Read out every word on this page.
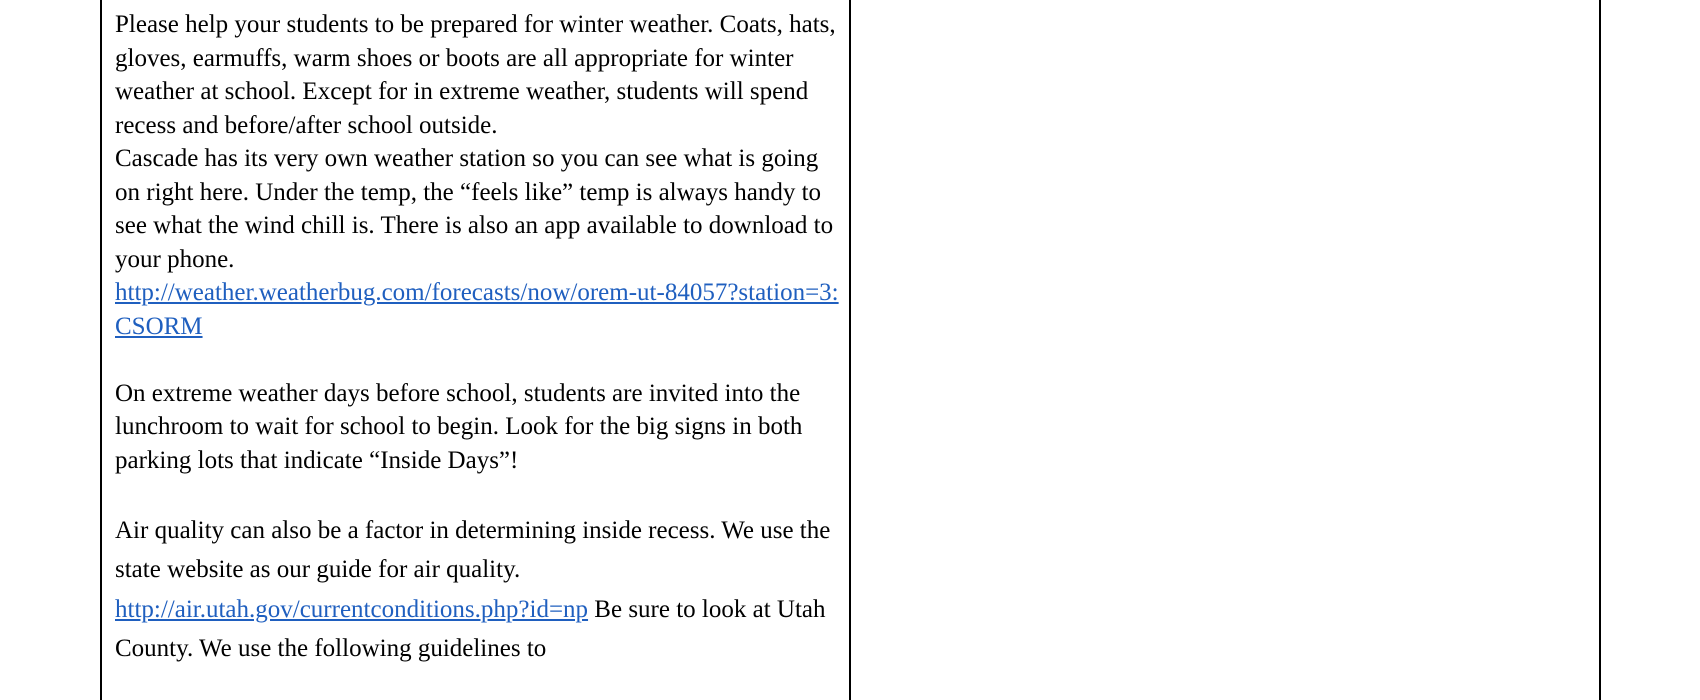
Please help your students to be prepared for winter weather. Coats, hats, gloves, earmuffs, warm shoes or boots are all appropriate for winter weather at school. Except for in extreme weather, students will spend recess and before/after school outside.

Cascade has its very own weather station so you can see what is going on right here. Under the temp, the “feels like” temp is always handy to see what the wind chill is. There is also an app available to download to your phone.

http://weather.weatherbug.com/forecasts/now/orem-ut-84057?station=3:CSORM

On extreme weather days before school, students are invited into the lunchroom to wait for school to begin. Look for the big signs in both parking lots that indicate “Inside Days”!

Air quality can also be a factor in determining inside recess. We use the state website as our guide for air quality.
http://air.utah.gov/currentconditions.php?id=np Be sure to look at Utah County. We use the following guidelines to
